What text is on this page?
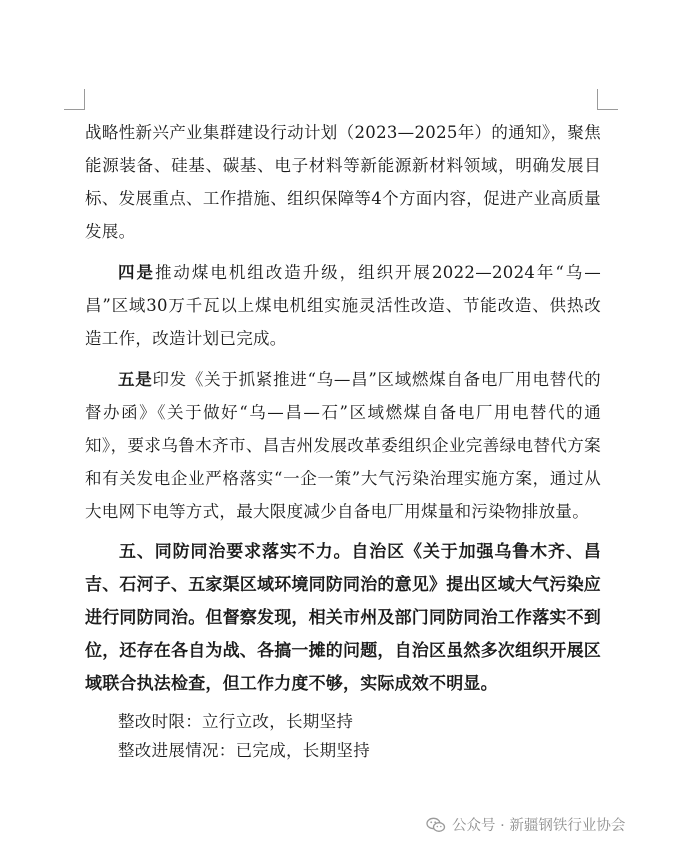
战略性新兴产业集群建设行动计划（2023—2025年）的通知》，聚焦能源装备、硅基、碳基、电子材料等新能源新材料领域，明确发展目标、发展重点、工作措施、组织保障等4个方面内容，促进产业高质量发展。

四是推动煤电机组改造升级，组织开展2022—2024年“乌—昌”区域30万千瓦以上煤电机组实施灵活性改造、节能改造、供热改造工作，改造计划已完成。

五是印发《关于抓紧推进“乌—昌”区域燃煤自备电厂用电替代的督办函》《关于做好“乌—昌—石”区域燃煤自备电厂用电替代的通知》，要求乌鲁木齐市、昌吉州发展改革委组织企业完善绿电替代方案和有关发电企业严格落实“一企一策”大气污染治理实施方案，通过从大电网下电等方式，最大限度减少自备电厂用煤量和污染物排放量。

五、同防同治要求落实不力。自治区《关于加强乌鲁木齐、昌吉、石河子、五家渠区域环境同防同治的意见》提出区域大气污染应进行同防同治。但督察发现，相关市州及部门同防同治工作落实不到位，还存在各自为战、各搞一摊的问题，自治区虽然多次组织开展区域联合执法检查，但工作力度不够，实际成效不明显。

整改时限：立行立改，长期坚持

整改进展情况：已完成，长期坚持

公众号 · 新疆钢铁行业协会
